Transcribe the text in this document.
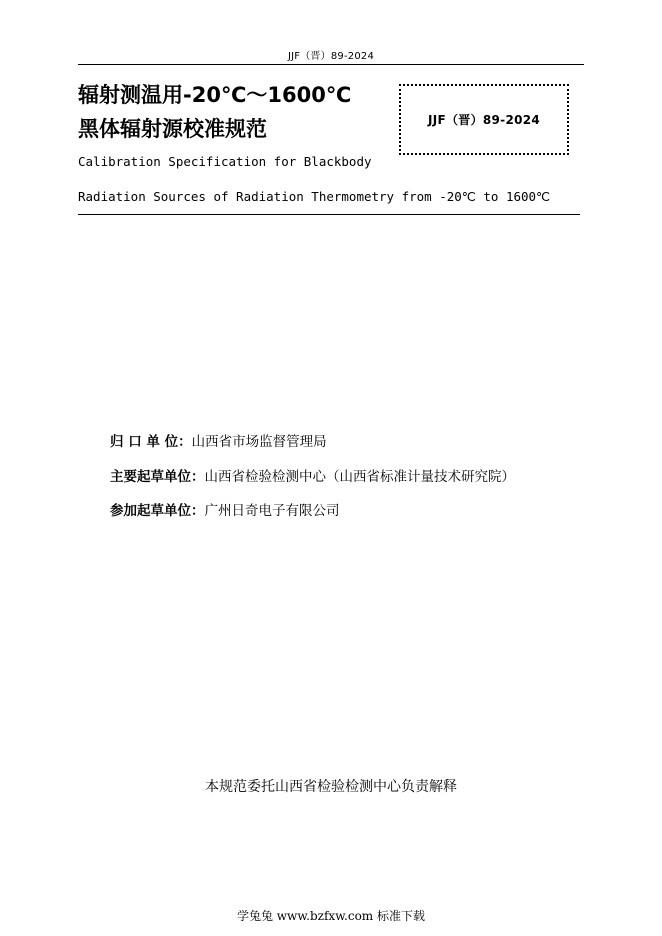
JJF（晋）89-2024
辐射测温用-20℃～1600℃
黑体辐射源校准规范	JJF（晋）89-2024
Calibration Specification for Blackbody
Radiation Sources of Radiation Thermometry from -20℃ to 1600℃
归 口 单 位： 山西省市场监督管理局
主要起草单位： 山西省检验检测中心（山西省标准计量技术研究院）
参加起草单位： 广州日奇电子有限公司
本规范委托山西省检验检测中心负责解释
学兔兔 www.bzfxw.com 标准下载
